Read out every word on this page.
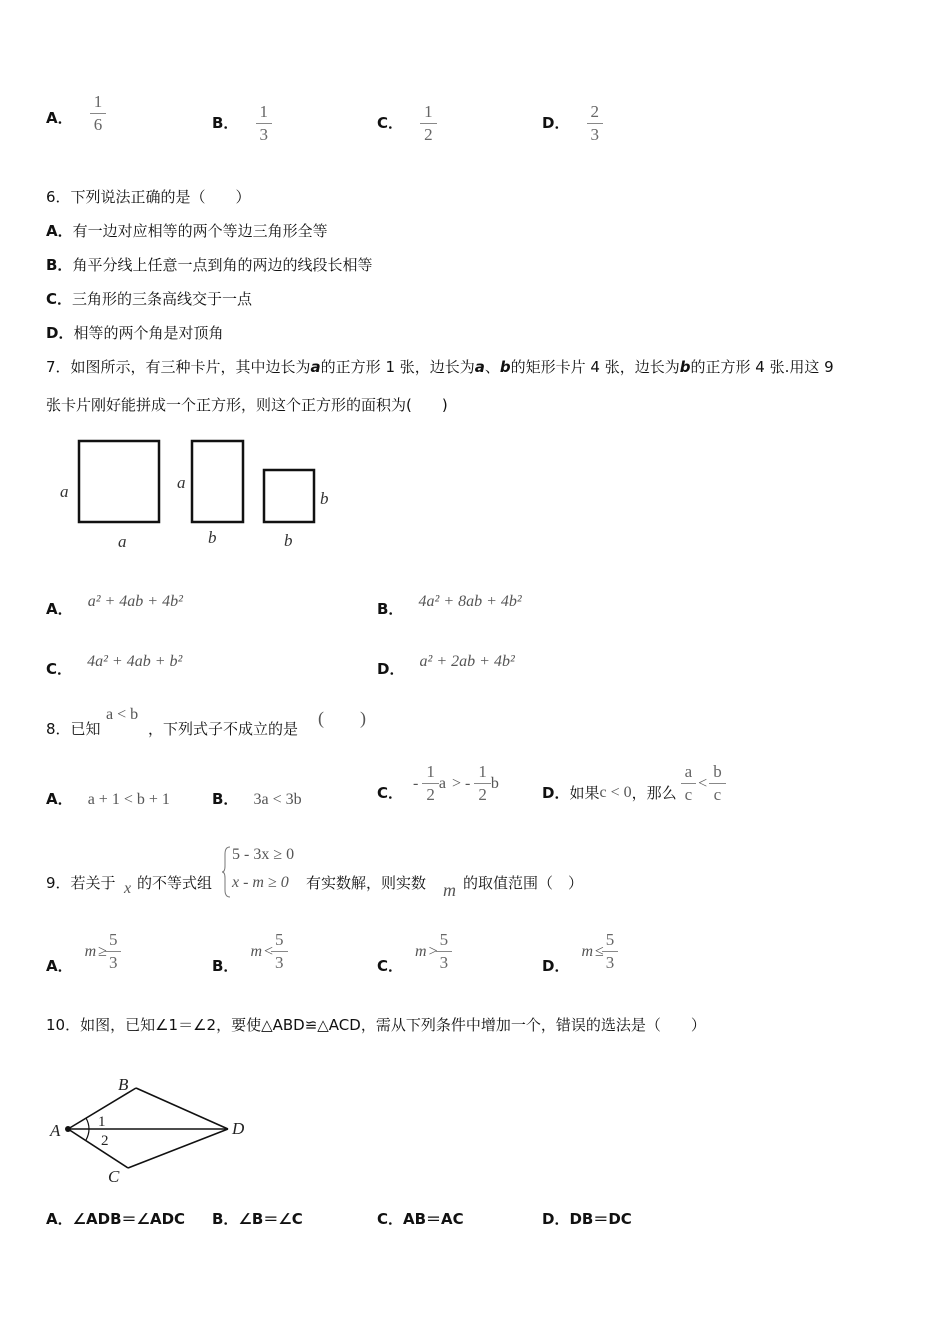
A． $\frac{1}{6}$	B． $\frac{1}{3}$	C． $\frac{1}{2}$	D． $\frac{2}{3}$
6．下列说法正确的是（　　）
A．有一边对应相等的两个等边三角形全等
B．角平分线上任意一点到角的两边的线段长相等
C．三角形的三条高线交于一点
D．相等的两个角是对顶角
7．如图所示，有三种卡片，其中边长为a的正方形 1 张，边长为a、b的矩形卡片 4 张，边长为b的正方形 4 张.用这 9
张卡片刚好能拼成一个正方形，则这个正方形的面积为(　　)
a
a
a
b
b
b
A． a² + 4ab + 4b²	B． 4a² + 8ab + 4b²
C． 4a² + 4ab + b²	D． a² + 2ab + 4b²
8．已知
a < b
，下列式子不成立的是
(　　)
A． a + 1 < b + 1	B． 3a < 3b	C．
- $\frac{1}{2}$ a > - $\frac{1}{2}$ b
D． 如果 c < 0 ，那么 $\frac{a}{c} < \frac{b}{c}$
9．若关于 x 的不等式组
5 - 3x ≥ 0
x - m ≥ 0 有实数解，则实数 m 的取值范围（　）
A．
$m \ge \frac{5}{3}$	B．
$m < \frac{5}{3}$	C．
$m > \frac{5}{3}$	D．
$m \le \frac{5}{3}$
10．如图，已知∠1＝∠2，要使△ABD≌△ACD，需从下列条件中增加一个，错误的选法是（　　）
A
B
C
D
1
2
A．∠ADB＝∠ADC B．∠B＝∠C	C．AB＝AC	D．DB＝DC
